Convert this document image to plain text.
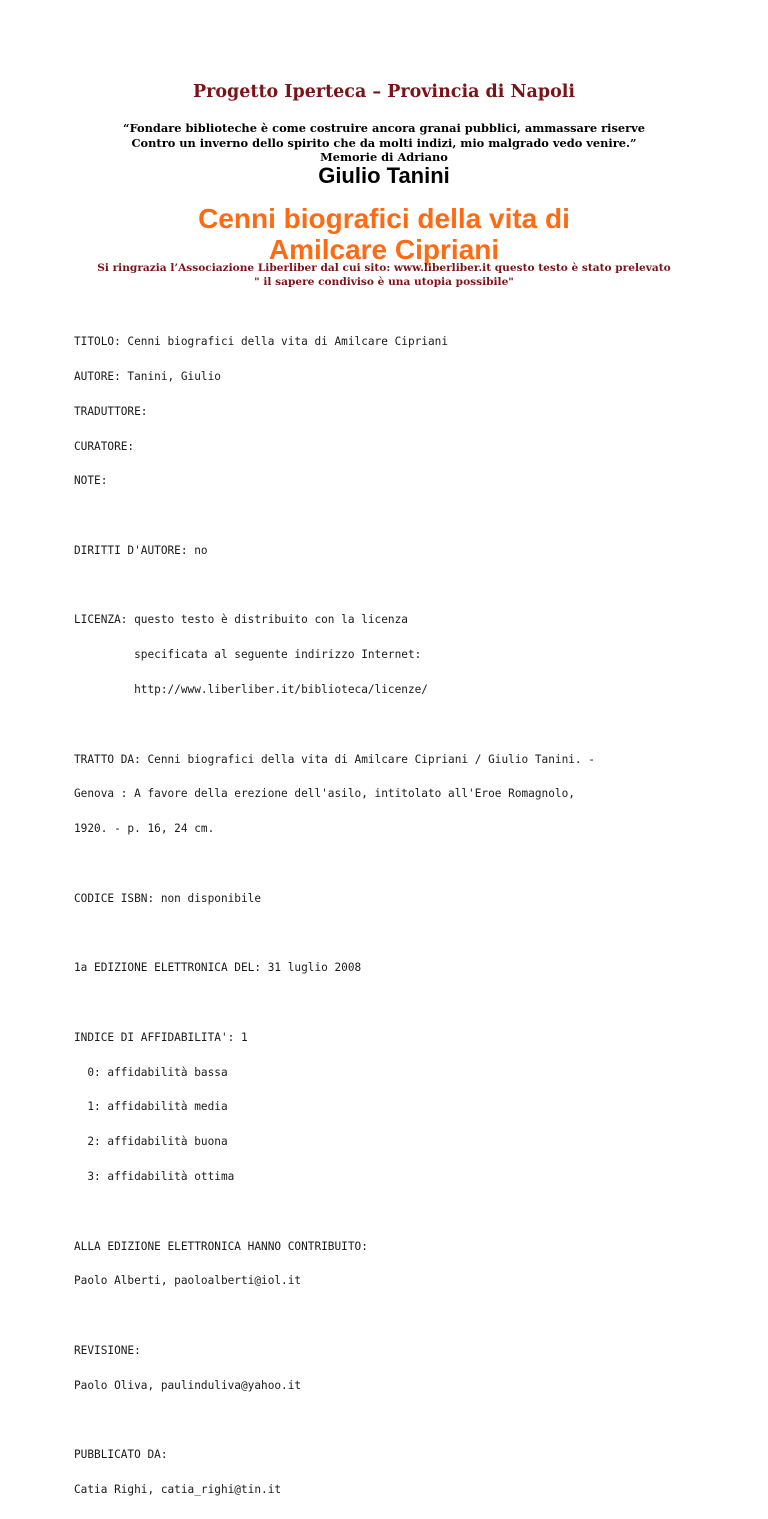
Progetto Iperteca – Provincia di Napoli
“Fondare biblioteche è come costruire ancora granai pubblici, ammassare riserve
Contro un inverno dello spirito che da molti indizi, mio malgrado vedo venire.”
Memorie di Adriano
Giulio Tanini
Cenni biografici della vita di
Amilcare Cipriani
Si ringrazia l’Associazione Liberliber dal cui sito: www.liberliber.it questo testo è stato prelevato
" il sapere condiviso è una utopia possibile"

TITOLO: Cenni biografici della vita di Amilcare Cipriani

AUTORE: Tanini, Giulio

TRADUTTORE:

CURATORE:

NOTE:

DIRITTI D'AUTORE: no

LICENZA: questo testo è distribuito con la licenza

specificata al seguente indirizzo Internet:

http://www.liberliber.it/biblioteca/licenze/

TRATTO DA: Cenni biografici della vita di Amilcare Cipriani / Giulio Tanini. -

Genova : A favore della erezione dell'asilo, intitolato all'Eroe Romagnolo,

1920. - p. 16, 24 cm.

CODICE ISBN: non disponibile

1a EDIZIONE ELETTRONICA DEL: 31 luglio 2008

INDICE DI AFFIDABILITA': 1

0: affidabilità bassa

1: affidabilità media

2: affidabilità buona

3: affidabilità ottima

ALLA EDIZIONE ELETTRONICA HANNO CONTRIBUITO:

Paolo Alberti, paoloalberti@iol.it

REVISIONE:

Paolo Oliva, paulinduliva@yahoo.it

PUBBLICATO DA:

Catia Righi, catia_righi@tin.it
